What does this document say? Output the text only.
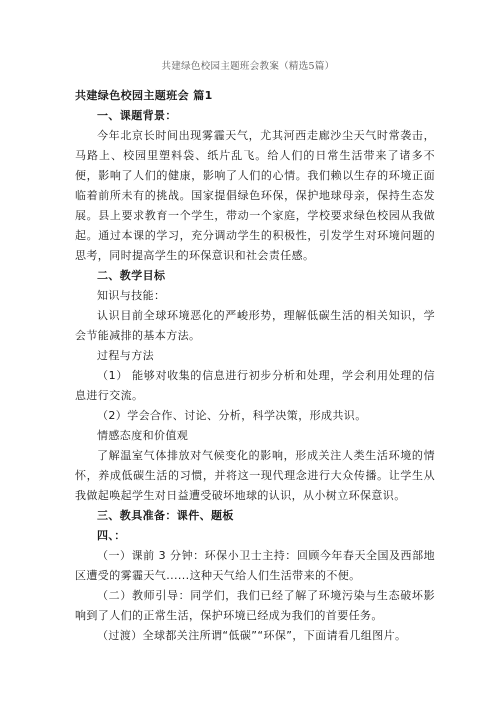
共建绿色校园主题班会教案（精选5篇）

共建绿色校园主题班会 篇1

一、课题背景：

今年北京长时间出现雾霾天气，尤其河西走廊沙尘天气时常袭击，马路上、校园里塑料袋、纸片乱飞。给人们的日常生活带来了诸多不便，影响了人们的健康，影响了人们的心情。我们赖以生存的环境正面临着前所未有的挑战。国家提倡绿色环保，保护地球母亲，保持生态发展。县上要求教育一个学生，带动一个家庭，学校要求绿色校园从我做起。通过本课的学习，充分调动学生的积极性，引发学生对环境问题的思考，同时提高学生的环保意识和社会责任感。

二、教学目标

知识与技能：

认识目前全球环境恶化的严峻形势，理解低碳生活的相关知识，学会节能减排的基本方法。

过程与方法

（1） 能够对收集的信息进行初步分析和处理，学会利用处理的信息进行交流。

（2）学会合作、讨论、分析，科学决策，形成共识。

情感态度和价值观

了解温室气体排放对气候变化的影响，形成关注人类生活环境的情怀，养成低碳生活的习惯，并将这一现代理念进行大众传播。让学生从我做起唤起学生对日益遭受破坏地球的认识，从小树立环保意识。

三、教具准备：课件、题板

四、：

（一）课前 3 分钟：环保小卫士主持：回顾今年春天全国及西部地区遭受的雾霾天气......这种天气给人们生活带来的不便。

（二）教师引导：同学们，我们已经了解了环境污染与生态破坏影响到了人们的正常生活，保护环境已经成为我们的首要任务。

（过渡）全球都关注所谓“低碳”“环保”，下面请看几组图片。
